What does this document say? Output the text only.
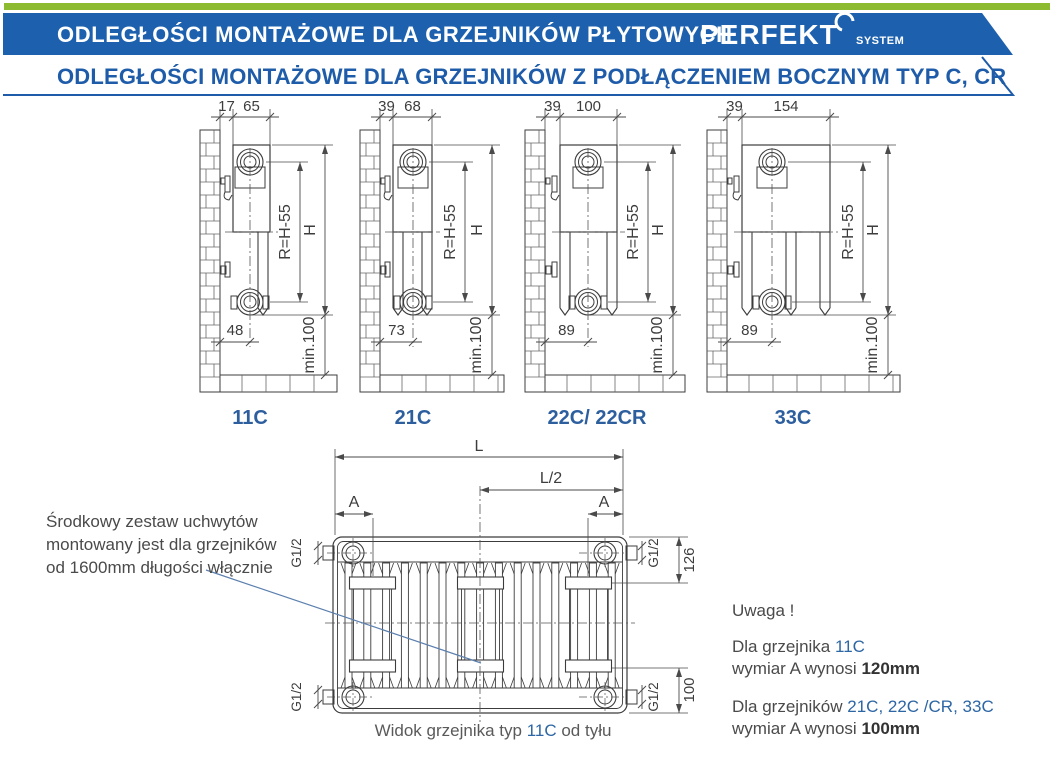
ODLEGŁOŚCI MONTAŻOWE DLA GRZEJNIKÓW PŁYTOWYCH
PERFEKT SYSTEM
ODLEGŁOŚCI MONTAŻOWE DLA GRZEJNIKÓW Z PODŁĄCZENIEM BOCZNYM TYP C, CR
17 65
R=H-55 H
min.100
48
11C
39 68
R=H-55 H
min.100
73
21C
39 100
R=H-55 H
min.100
89
22C/ 22CR
39 154
R=H-55 H
min.100
89
33C
L
L/2
A	A
G1/2
G1/2
G1/2
G1/2
126
100
Środkowy zestaw uchwytów
montowany jest dla grzejników
od 1600mm długości włącznie
Uwaga !
Dla grzejnika 11C
wymiar A wynosi 120mm
Dla grzejników 21C, 22C /CR, 33C
wymiar A wynosi 100mm
Widok grzejnika typ 11C od tyłu
